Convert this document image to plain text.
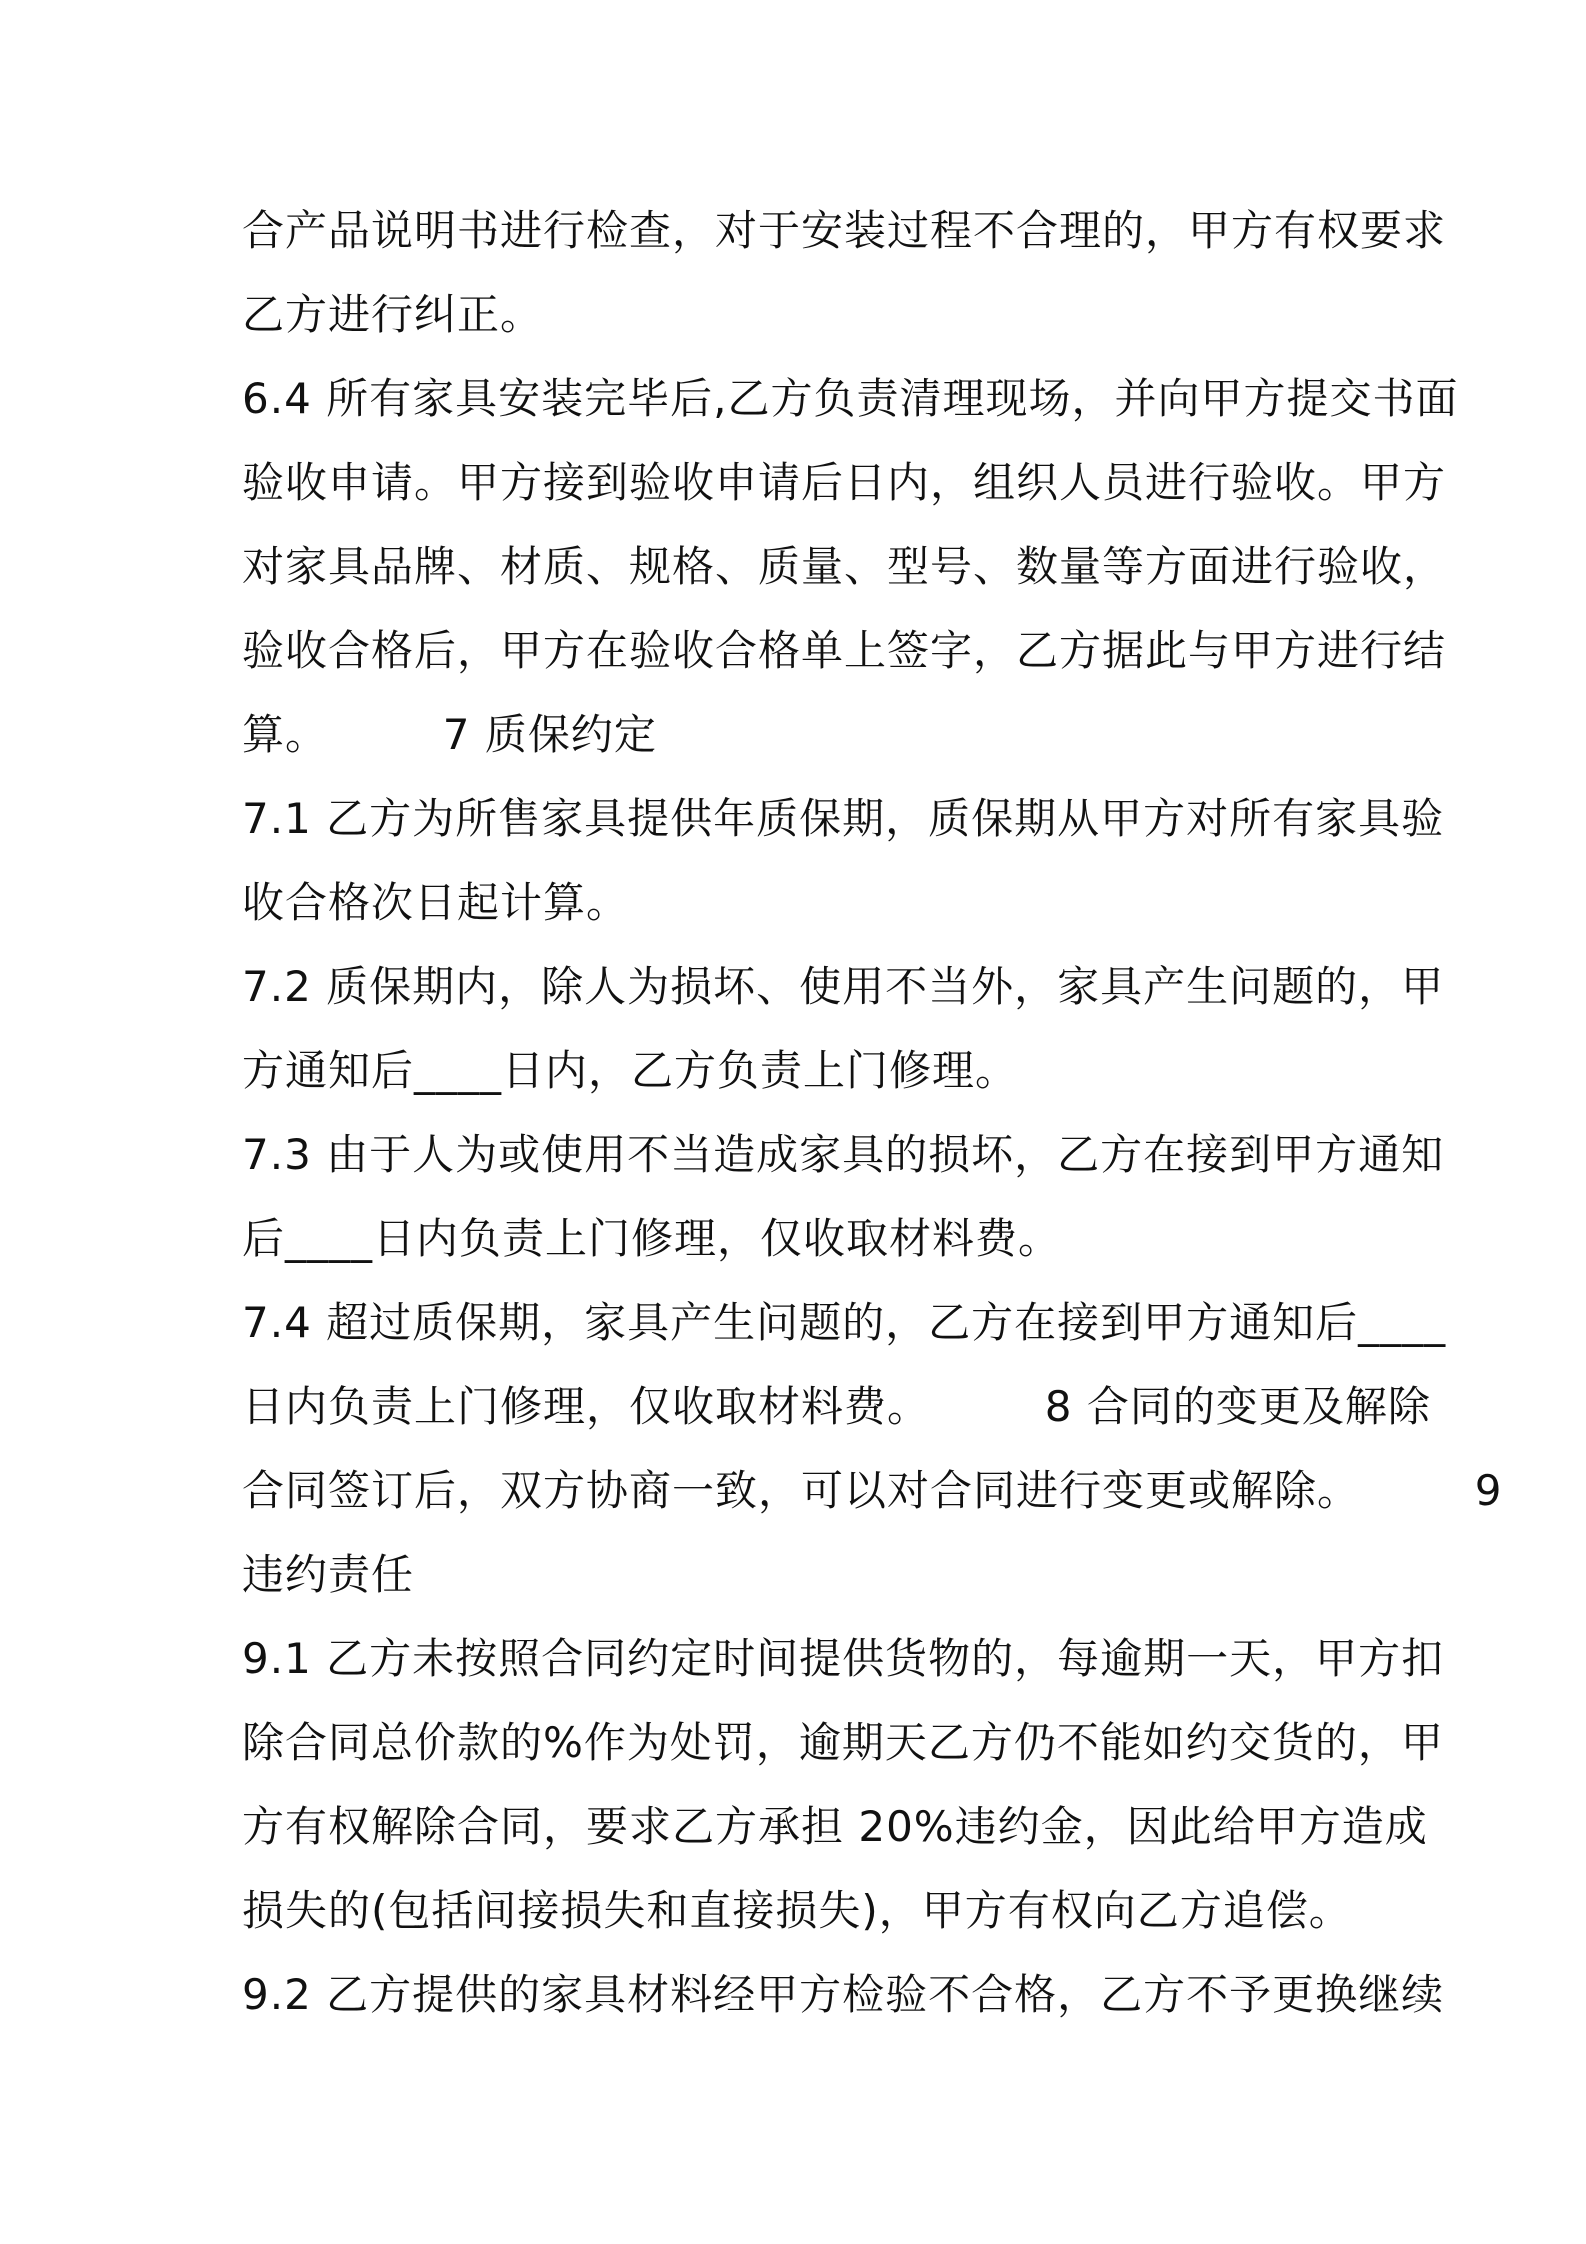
合产品说明书进行检查，对于安装过程不合理的，甲方有权要求
乙方进行纠正。
6.4 所有家具安装完毕后,乙方负责清理现场，并向甲方提交书面
验收申请。甲方接到验收申请后日内，组织人员进行验收。甲方
对家具品牌、材质、规格、质量、型号、数量等方面进行验收，
验收合格后，甲方在验收合格单上签字，乙方据此与甲方进行结
算。        7 质保约定
7.1 乙方为所售家具提供年质保期，质保期从甲方对所有家具验
收合格次日起计算。
7.2 质保期内，除人为损坏、使用不当外，家具产生问题的，甲
方通知后____日内，乙方负责上门修理。
7.3 由于人为或使用不当造成家具的损坏，乙方在接到甲方通知
后____日内负责上门修理，仅收取材料费。
7.4 超过质保期，家具产生问题的，乙方在接到甲方通知后____
日内负责上门修理，仅收取材料费。        8 合同的变更及解除
合同签订后，双方协商一致，可以对合同进行变更或解除。        9
违约责任
9.1 乙方未按照合同约定时间提供货物的，每逾期一天，甲方扣
除合同总价款的%作为处罚，逾期天乙方仍不能如约交货的，甲
方有权解除合同，要求乙方承担 20%违约金，因此给甲方造成
损失的(包括间接损失和直接损失)，甲方有权向乙方追偿。
9.2 乙方提供的家具材料经甲方检验不合格，乙方不予更换继续
